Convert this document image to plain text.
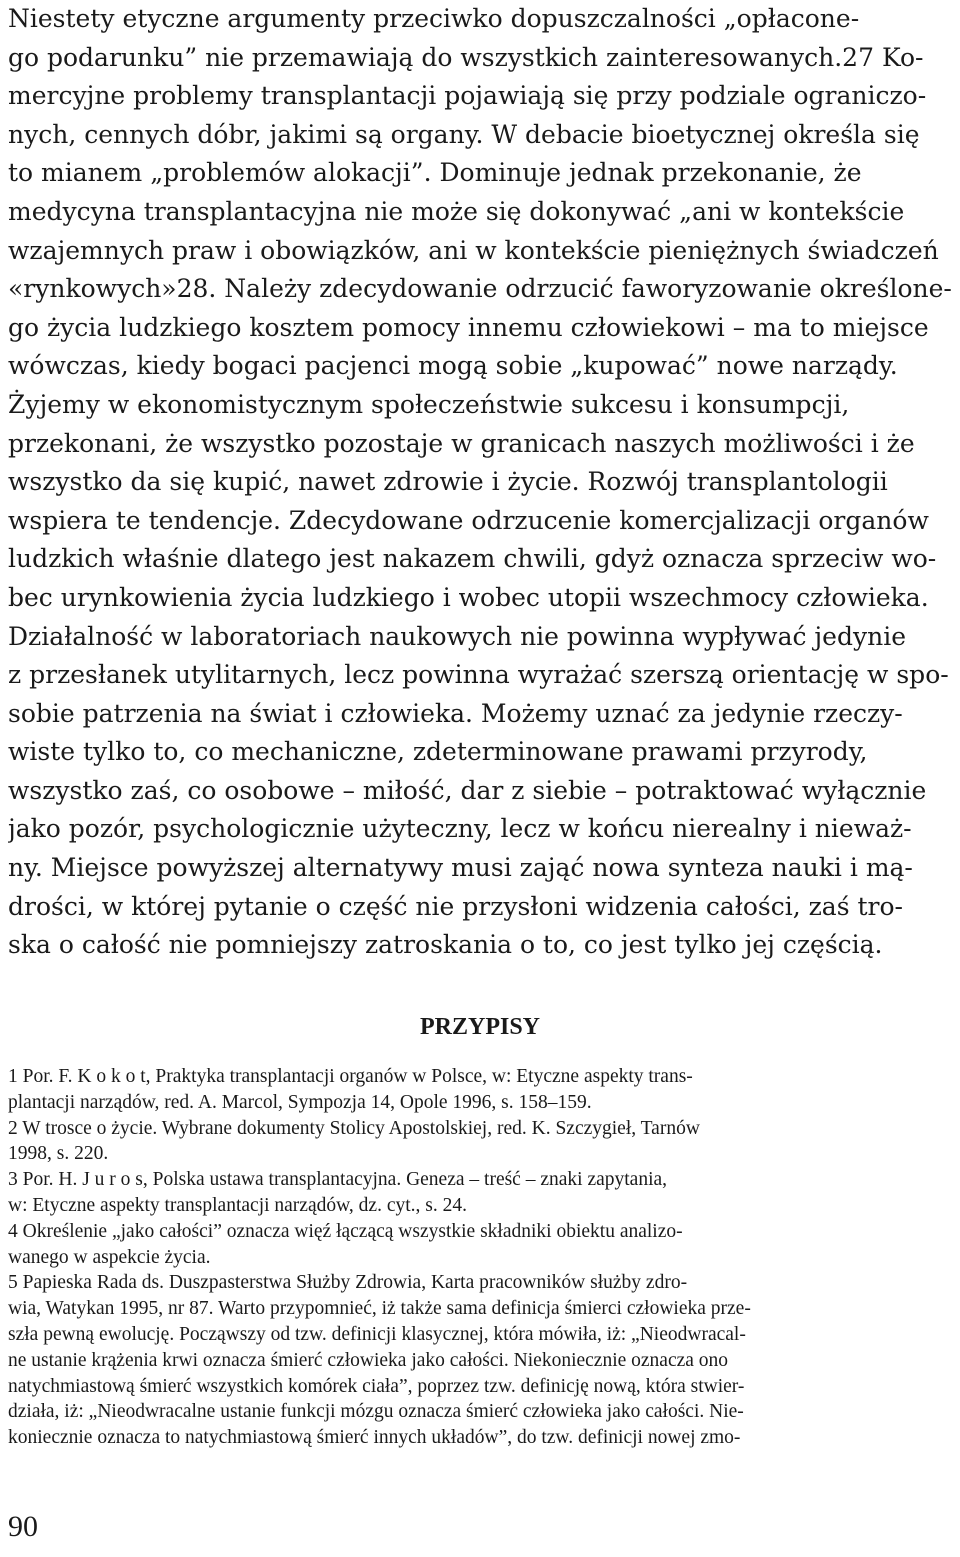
Niestety etyczne argumenty przeciwko dopuszczalności „opłacone-
go podarunku” nie przemawiają do wszystkich zainteresowanych.27 Ko-
mercyjne problemy transplantacji pojawiają się przy podziale ograniczo-
nych, cennych dóbr, jakimi są organy. W debacie bioetycznej określa się
to mianem „problemów alokacji”. Dominuje jednak przekonanie, że
medycyna transplantacyjna nie może się dokonywać „ani w kontekście
wzajemnych praw i obowiązków, ani w kontekście pieniężnych świadczeń
«rynkowych»28. Należy zdecydowanie odrzucić faworyzowanie określone-
go życia ludzkiego kosztem pomocy innemu człowiekowi – ma to miejsce
wówczas, kiedy bogaci pacjenci mogą sobie „kupować” nowe narządy.
Żyjemy w ekonomistycznym społeczeństwie sukcesu i konsumpcji,
przekonani, że wszystko pozostaje w granicach naszych możliwości i że
wszystko da się kupić, nawet zdrowie i życie. Rozwój transplantologii
wspiera te tendencje. Zdecydowane odrzucenie komercjalizacji organów
ludzkich właśnie dlatego jest nakazem chwili, gdyż oznacza sprzeciw wo-
bec urynkowienia życia ludzkiego i wobec utopii wszechmocy człowieka.
Działalność w laboratoriach naukowych nie powinna wypływać jedynie
z przesłanek utylitarnych, lecz powinna wyrażać szerszą orientację w spo-
sobie patrzenia na świat i człowieka. Możemy uznać za jedynie rzeczy-
wiste tylko to, co mechaniczne, zdeterminowane prawami przyrody,
wszystko zaś, co osobowe – miłość, dar z siebie – potraktować wyłącznie
jako pozór, psychologicznie użyteczny, lecz w końcu nierealny i nieważ-
ny. Miejsce powyższej alternatywy musi zająć nowa synteza nauki i mą-
drości, w której pytanie o część nie przysłoni widzenia całości, zaś tro-
ska o całość nie pomniejszy zatroskania o to, co jest tylko jej częścią.
PRZYPISY
1 Por. F. K o k o t, Praktyka transplantacji organów w Polsce, w: Etyczne aspekty trans-
plantacji narządów, red. A. Marcol, Sympozja 14, Opole 1996, s. 158–159.
2 W trosce o życie. Wybrane dokumenty Stolicy Apostolskiej, red. K. Szczygieł, Tarnów
1998, s. 220.
3 Por. H. J u r o s, Polska ustawa transplantacyjna. Geneza – treść – znaki zapytania,
w: Etyczne aspekty transplantacji narządów, dz. cyt., s. 24.
4 Określenie „jako całości” oznacza więź łączącą wszystkie składniki obiektu analizo-
wanego w aspekcie życia.
5 Papieska Rada ds. Duszpasterstwa Służby Zdrowia, Karta pracowników służby zdro-
wia, Watykan 1995, nr 87. Warto przypomnieć, iż także sama definicja śmierci człowieka prze-
szła pewną ewolucję. Począwszy od tzw. definicji klasycznej, która mówiła, iż: „Nieodwracal-
ne ustanie krążenia krwi oznacza śmierć człowieka jako całości. Niekoniecznie oznacza ono
natychmiastową śmierć wszystkich komórek ciała”, poprzez tzw. definicję nową, która stwier-
działa, iż: „Nieodwracalne ustanie funkcji mózgu oznacza śmierć człowieka jako całości. Nie-
koniecznie oznacza to natychmiastową śmierć innych układów”, do tzw. definicji nowej zmo-
90
